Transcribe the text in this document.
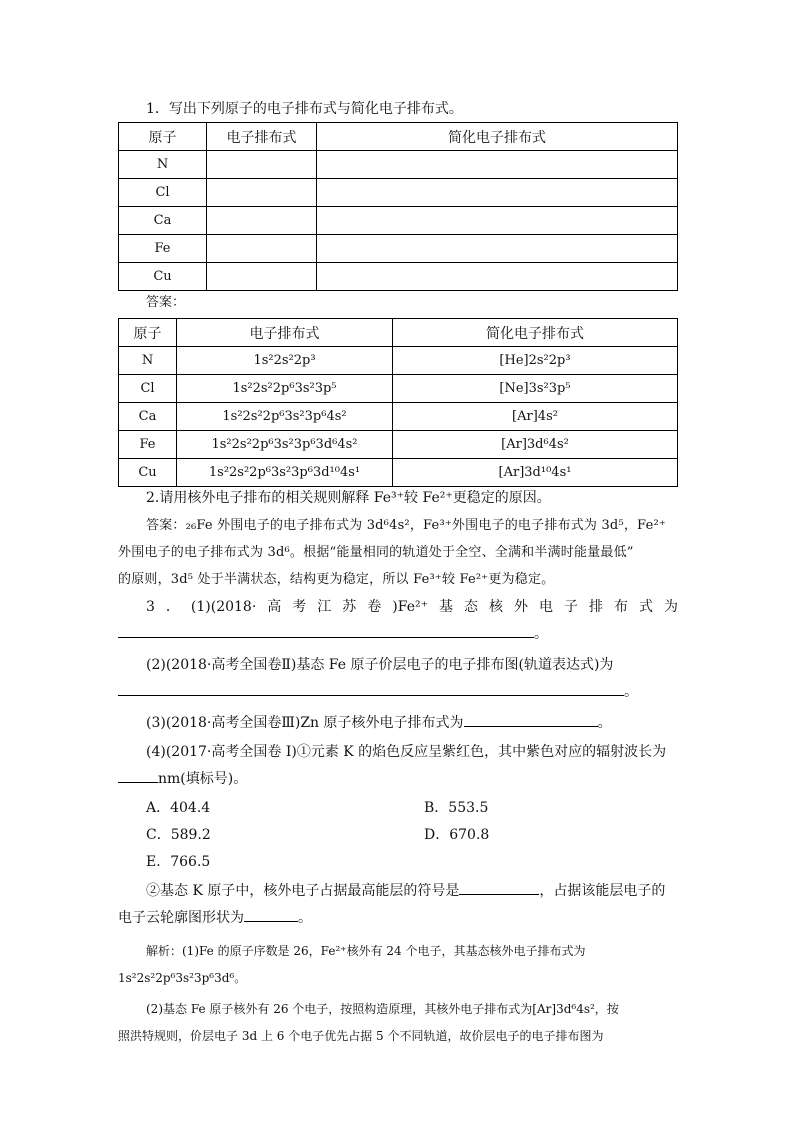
1．写出下列原子的电子排布式与简化电子排布式。
原子	电子排布式	简化电子排布式
N		
Cl		
Ca		
Fe		
Cu		
答案：
原子	电子排布式	简化电子排布式
N	1s²2s²2p³	[He]2s²2p³
Cl	1s²2s²2p⁶3s²3p⁵	[Ne]3s²3p⁵
Ca	1s²2s²2p⁶3s²3p⁶4s²	[Ar]4s²
Fe	1s²2s²2p⁶3s²3p⁶3d⁶4s²	[Ar]3d⁶4s²
Cu	1s²2s²2p⁶3s²3p⁶3d¹⁰4s¹	[Ar]3d¹⁰4s¹
2.请用核外电子排布的相关规则解释 Fe³⁺较 Fe²⁺更稳定的原因。
答案：₂₆Fe 外围电子的电子排布式为 3d⁶4s²，Fe³⁺外围电子的电子排布式为 3d⁵，Fe²⁺
外围电子的电子排布式为 3d⁶。根据“能量相同的轨道处于全空、全满和半满时能量最低”
的原则，3d⁵ 处于半满状态，结构更为稳定，所以 Fe³⁺较 Fe²⁺更为稳定。
3．(1)(2018·高考江苏卷)Fe²⁺基态核外电子排布式为
。
(2)(2018·高考全国卷Ⅱ)基态 Fe 原子价层电子的电子排布图(轨道表达式)为
。
(3)(2018·高考全国卷Ⅲ)Zn 原子核外电子排布式为	。
(4)(2017·高考全国卷 Ⅰ)①元素 K 的焰色反应呈紫红色，其中紫色对应的辐射波长为
nm(填标号)。
A．404.4	B．553.5
C．589.2	D．670.8
E．766.5
②基态 K 原子中，核外电子占据最高能层的符号是	，占据该能层电子的
电子云轮廓图形状为	。
解析：(1)Fe 的原子序数是 26，Fe²⁺核外有 24 个电子，其基态核外电子排布式为
1s²2s²2p⁶3s²3p⁶3d⁶。
(2)基态 Fe 原子核外有 26 个电子，按照构造原理，其核外电子排布式为[Ar]3d⁶4s²，按
照洪特规则，价层电子 3d 上 6 个电子优先占据 5 个不同轨道，故价层电子的电子排布图为
